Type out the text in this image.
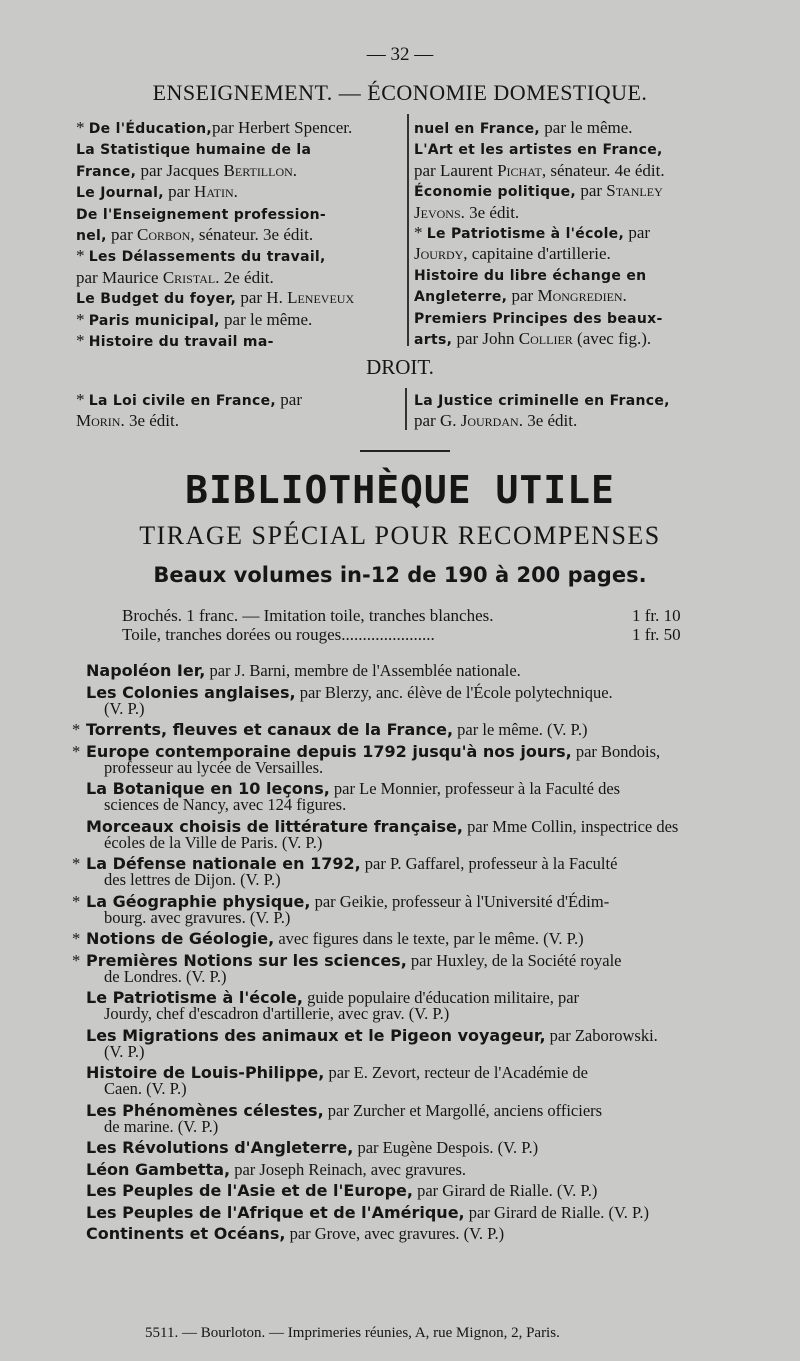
— 32 —
ENSEIGNEMENT. — ÉCONOMIE DOMESTIQUE.
* De l'Éducation,par Herbert Spencer.
La Statistique humaine de la
France, par Jacques Bertillon.
Le Journal, par Hatin.
De l'Enseignement profession-
nel, par Corbon, sénateur. 3e édit.
* Les Délassements du travail,
par Maurice Cristal. 2e édit.
Le Budget du foyer, par H. Leneveux
* Paris municipal, par le même.
* Histoire du travail ma-
nuel en France, par le même.
L'Art et les artistes en France,
par Laurent Pichat, sénateur. 4e édit.
Économie politique, par Stanley
Jevons. 3e édit.
* Le Patriotisme à l'école, par
Jourdy, capitaine d'artillerie.
Histoire du libre échange en
Angleterre, par Mongredien.
Premiers Principes des beaux-
arts, par John Collier (avec fig.).
DROIT.
* La Loi civile en France, par
Morin. 3e édit.
La Justice criminelle en France,
par G. Jourdan. 3e édit.
BIBLIOTHÈQUE UTILE
TIRAGE SPÉCIAL POUR RECOMPENSES
Beaux volumes in-12 de 190 à 200 pages.
Brochés. 1 franc. — Imitation toile, tranches blanches.	1 fr. 10
Toile, tranches dorées ou rouges......................	1 fr. 50
Napoléon Ier, par J. Barni, membre de l'Assemblée nationale.
Les Colonies anglaises, par Blerzy, anc. élève de l'École polytechnique.
(V. P.)
* Torrents, fleuves et canaux de la France, par le même. (V. P.)
* Europe contemporaine depuis 1792 jusqu'à nos jours, par Bondois,
professeur au lycée de Versailles.
La Botanique en 10 leçons, par Le Monnier, professeur à la Faculté des
sciences de Nancy, avec 124 figures.
Morceaux choisis de littérature française, par Mme Collin, inspectrice des
écoles de la Ville de Paris. (V. P.)
* La Défense nationale en 1792, par P. Gaffarel, professeur à la Faculté
des lettres de Dijon. (V. P.)
* La Géographie physique, par Geikie, professeur à l'Université d'Édim-
bourg. avec gravures. (V. P.)
* Notions de Géologie, avec figures dans le texte, par le même. (V. P.)
* Premières Notions sur les sciences, par Huxley, de la Société royale
de Londres. (V. P.)
Le Patriotisme à l'école, guide populaire d'éducation militaire, par
Jourdy, chef d'escadron d'artillerie, avec grav. (V. P.)
Les Migrations des animaux et le Pigeon voyageur, par Zaborowski.
(V. P.)
Histoire de Louis-Philippe, par E. Zevort, recteur de l'Académie de
Caen. (V. P.)
Les Phénomènes célestes, par Zurcher et Margollé, anciens officiers
de marine. (V. P.)
Les Révolutions d'Angleterre, par Eugène Despois. (V. P.)
Léon Gambetta, par Joseph Reinach, avec gravures.
Les Peuples de l'Asie et de l'Europe, par Girard de Rialle. (V. P.)
Les Peuples de l'Afrique et de l'Amérique, par Girard de Rialle. (V. P.)
Continents et Océans, par Grove, avec gravures. (V. P.)
5511. — Bourloton. — Imprimeries réunies, A, rue Mignon, 2, Paris.
